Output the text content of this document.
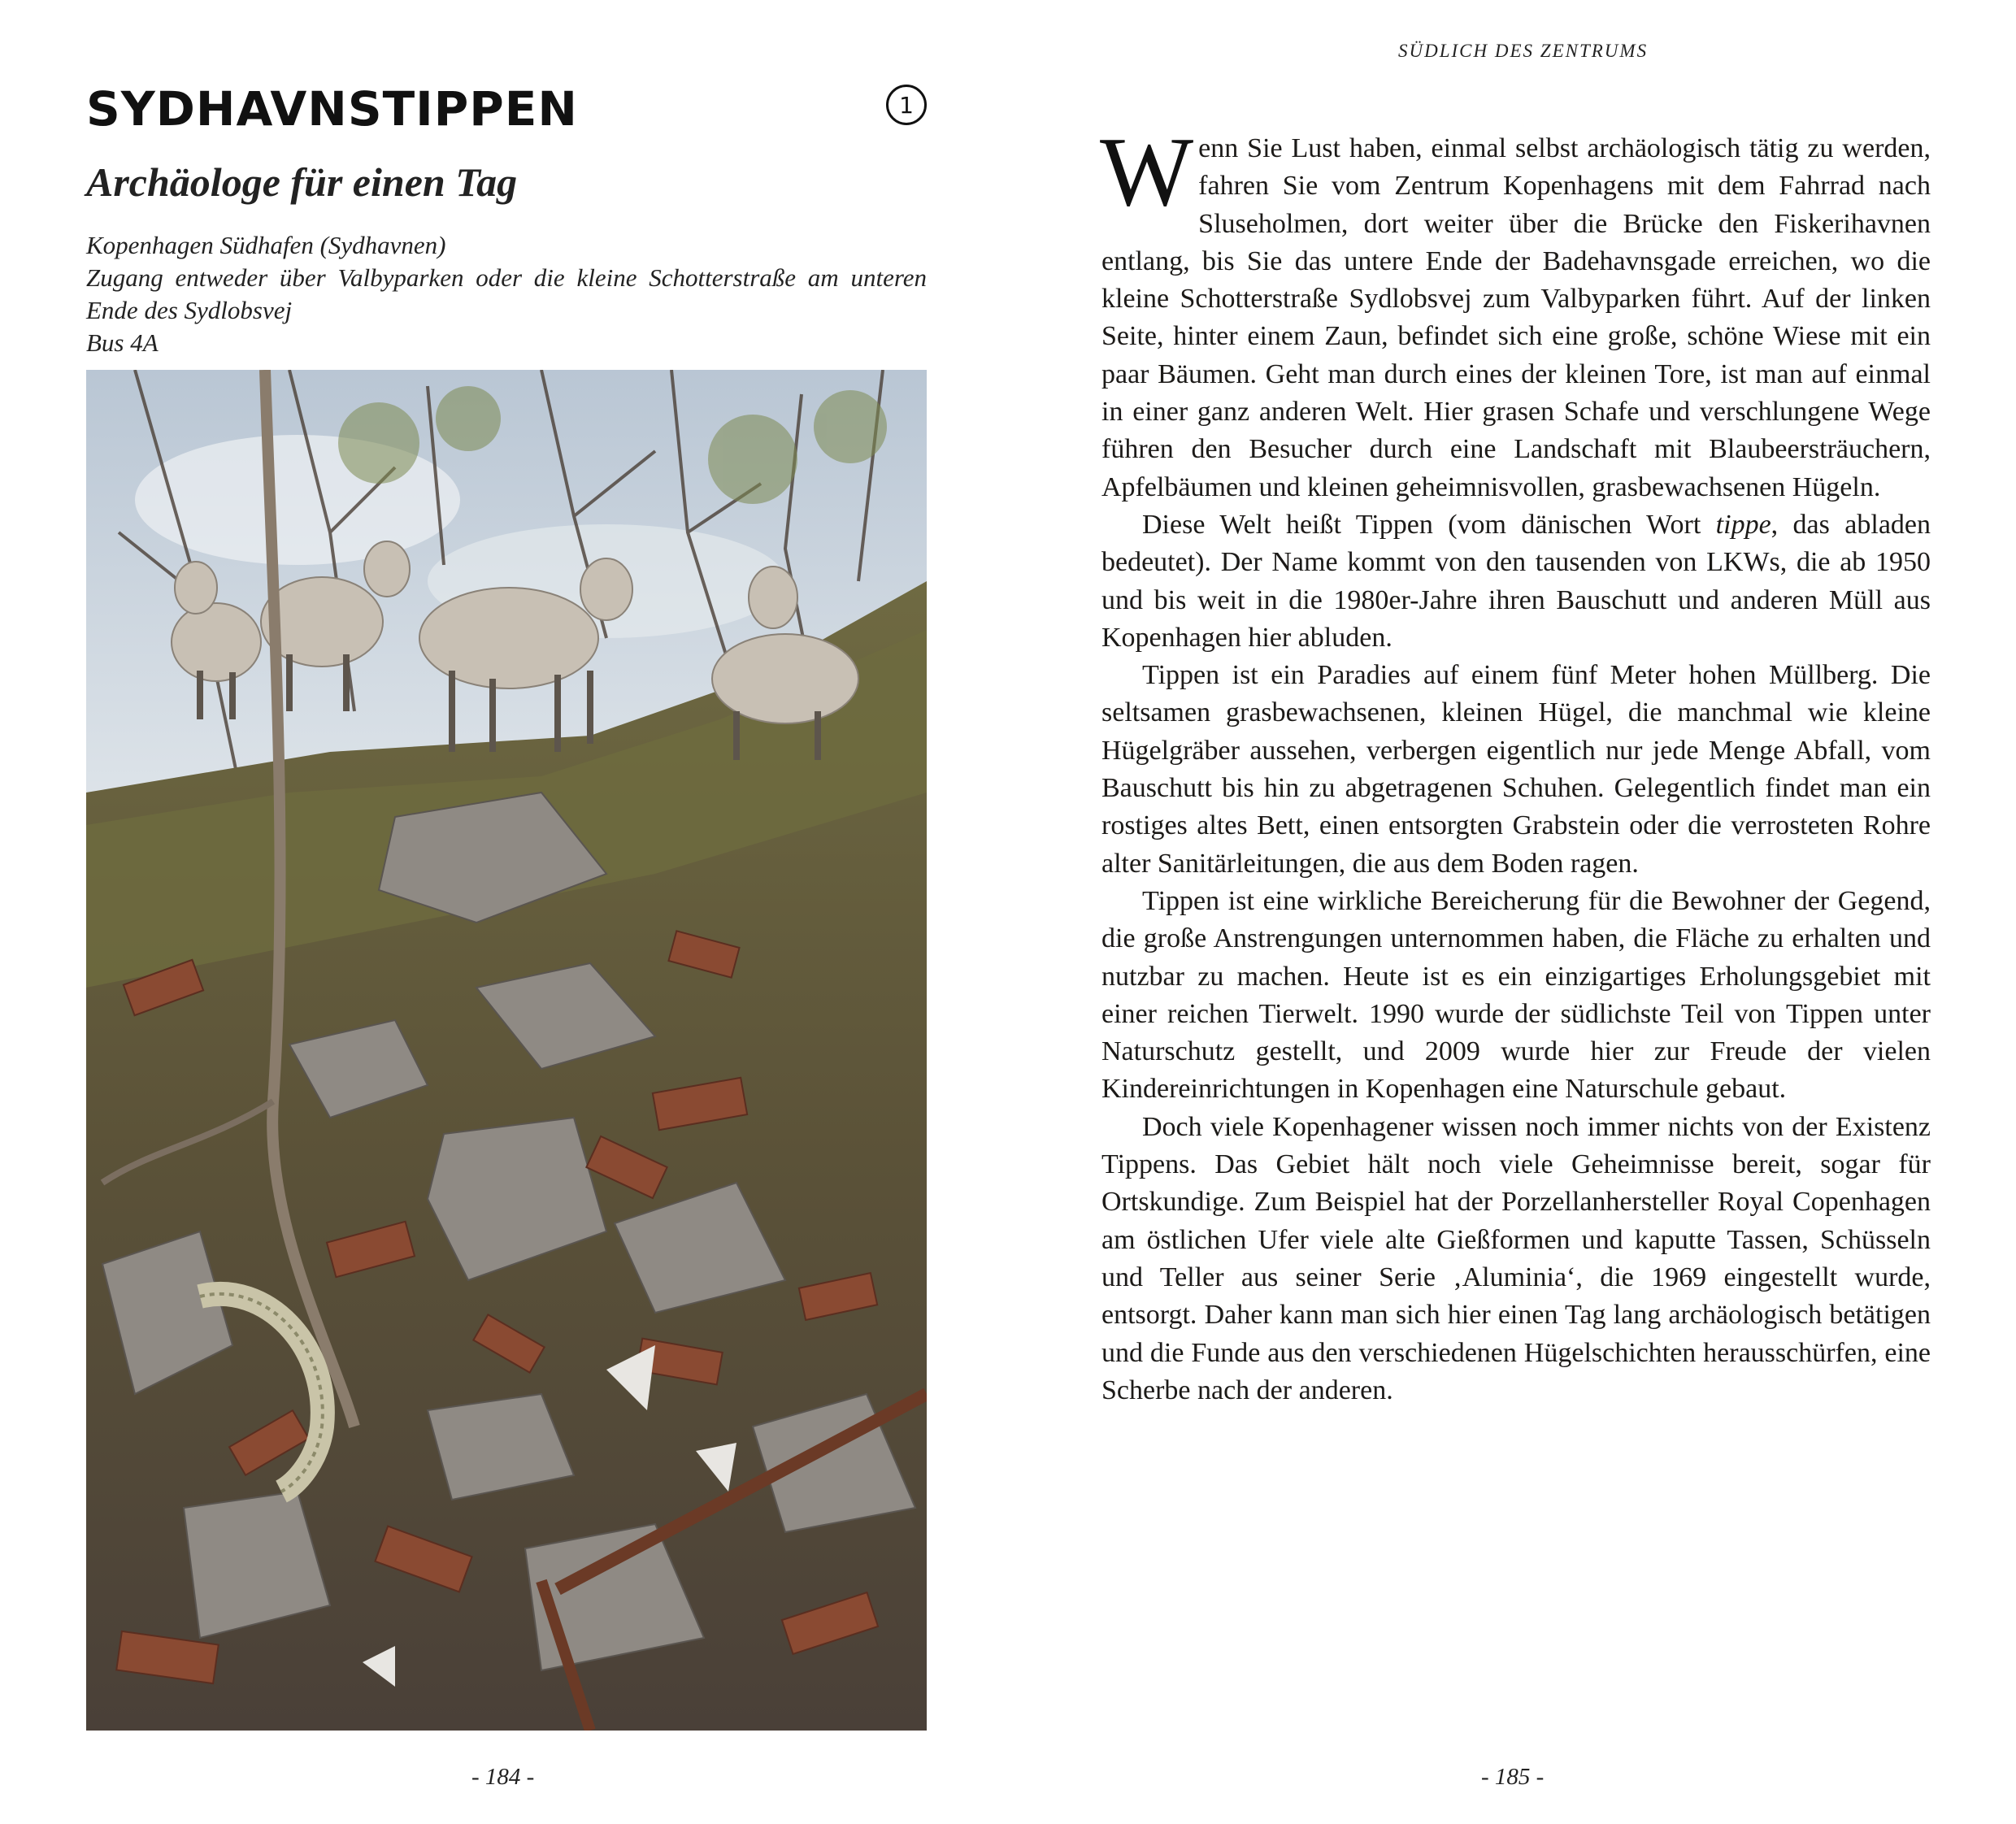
SYDHAVNSTIPPEN	1
Archäologe für einen Tag
Kopenhagen Südhafen (Sydhavnen)
Zugang entweder über Valbyparken oder die kleine Schotterstraße am unteren Ende des Sydlobsvej
Bus 4A
- 184 -
SÜDLICH DES ZENTRUMS

Wenn Sie Lust haben, einmal selbst archäologisch tätig zu werden, fahren Sie vom Zentrum Kopenhagens mit dem Fahrrad nach Sluseholmen, dort weiter über die Brücke den Fiskerihavnen entlang, bis Sie das untere Ende der Badehavnsgade erreichen, wo die kleine Schotterstraße Sydlobsvej zum Valbyparken führt. Auf der linken Seite, hinter einem Zaun, befindet sich eine große, schöne Wiese mit ein paar Bäumen. Geht man durch eines der kleinen Tore, ist man auf einmal in einer ganz anderen Welt. Hier grasen Schafe und verschlungene Wege führen den Besucher durch eine Landschaft mit Blaubeersträuchern, Apfelbäumen und kleinen geheimnisvollen, grasbewachsenen Hügeln.

Diese Welt heißt Tippen (vom dänischen Wort tippe, das abladen bedeutet). Der Name kommt von den tausenden von LKWs, die ab 1950 und bis weit in die 1980er-Jahre ihren Bauschutt und anderen Müll aus Kopenhagen hier abluden.

Tippen ist ein Paradies auf einem fünf Meter hohen Müllberg. Die seltsamen grasbewachsenen, kleinen Hügel, die manchmal wie kleine Hügelgräber aussehen, verbergen eigentlich nur jede Menge Abfall, vom Bauschutt bis hin zu abgetragenen Schuhen. Gelegentlich findet man ein rostiges altes Bett, einen entsorgten Grabstein oder die verrosteten Rohre alter Sanitärleitungen, die aus dem Boden ragen.

Tippen ist eine wirkliche Bereicherung für die Bewohner der Gegend, die große Anstrengungen unternommen haben, die Fläche zu erhalten und nutzbar zu machen. Heute ist es ein einzigartiges Erholungsgebiet mit einer reichen Tierwelt. 1990 wurde der südlichste Teil von Tippen unter Naturschutz gestellt, und 2009 wurde hier zur Freude der vielen Kindereinrichtungen in Kopenhagen eine Naturschule gebaut.

Doch viele Kopenhagener wissen noch immer nichts von der Existenz Tippens. Das Gebiet hält noch viele Geheimnisse bereit, sogar für Ortskundige. Zum Beispiel hat der Porzellanhersteller Royal Copenhagen am östlichen Ufer viele alte Gießformen und kaputte Tassen, Schüsseln und Teller aus seiner Serie ‚Aluminia‘, die 1969 eingestellt wurde, entsorgt. Daher kann man sich hier einen Tag lang archäologisch betätigen und die Funde aus den verschiedenen Hügelschichten herausschürfen, eine Scherbe nach der anderen.

- 185 -
